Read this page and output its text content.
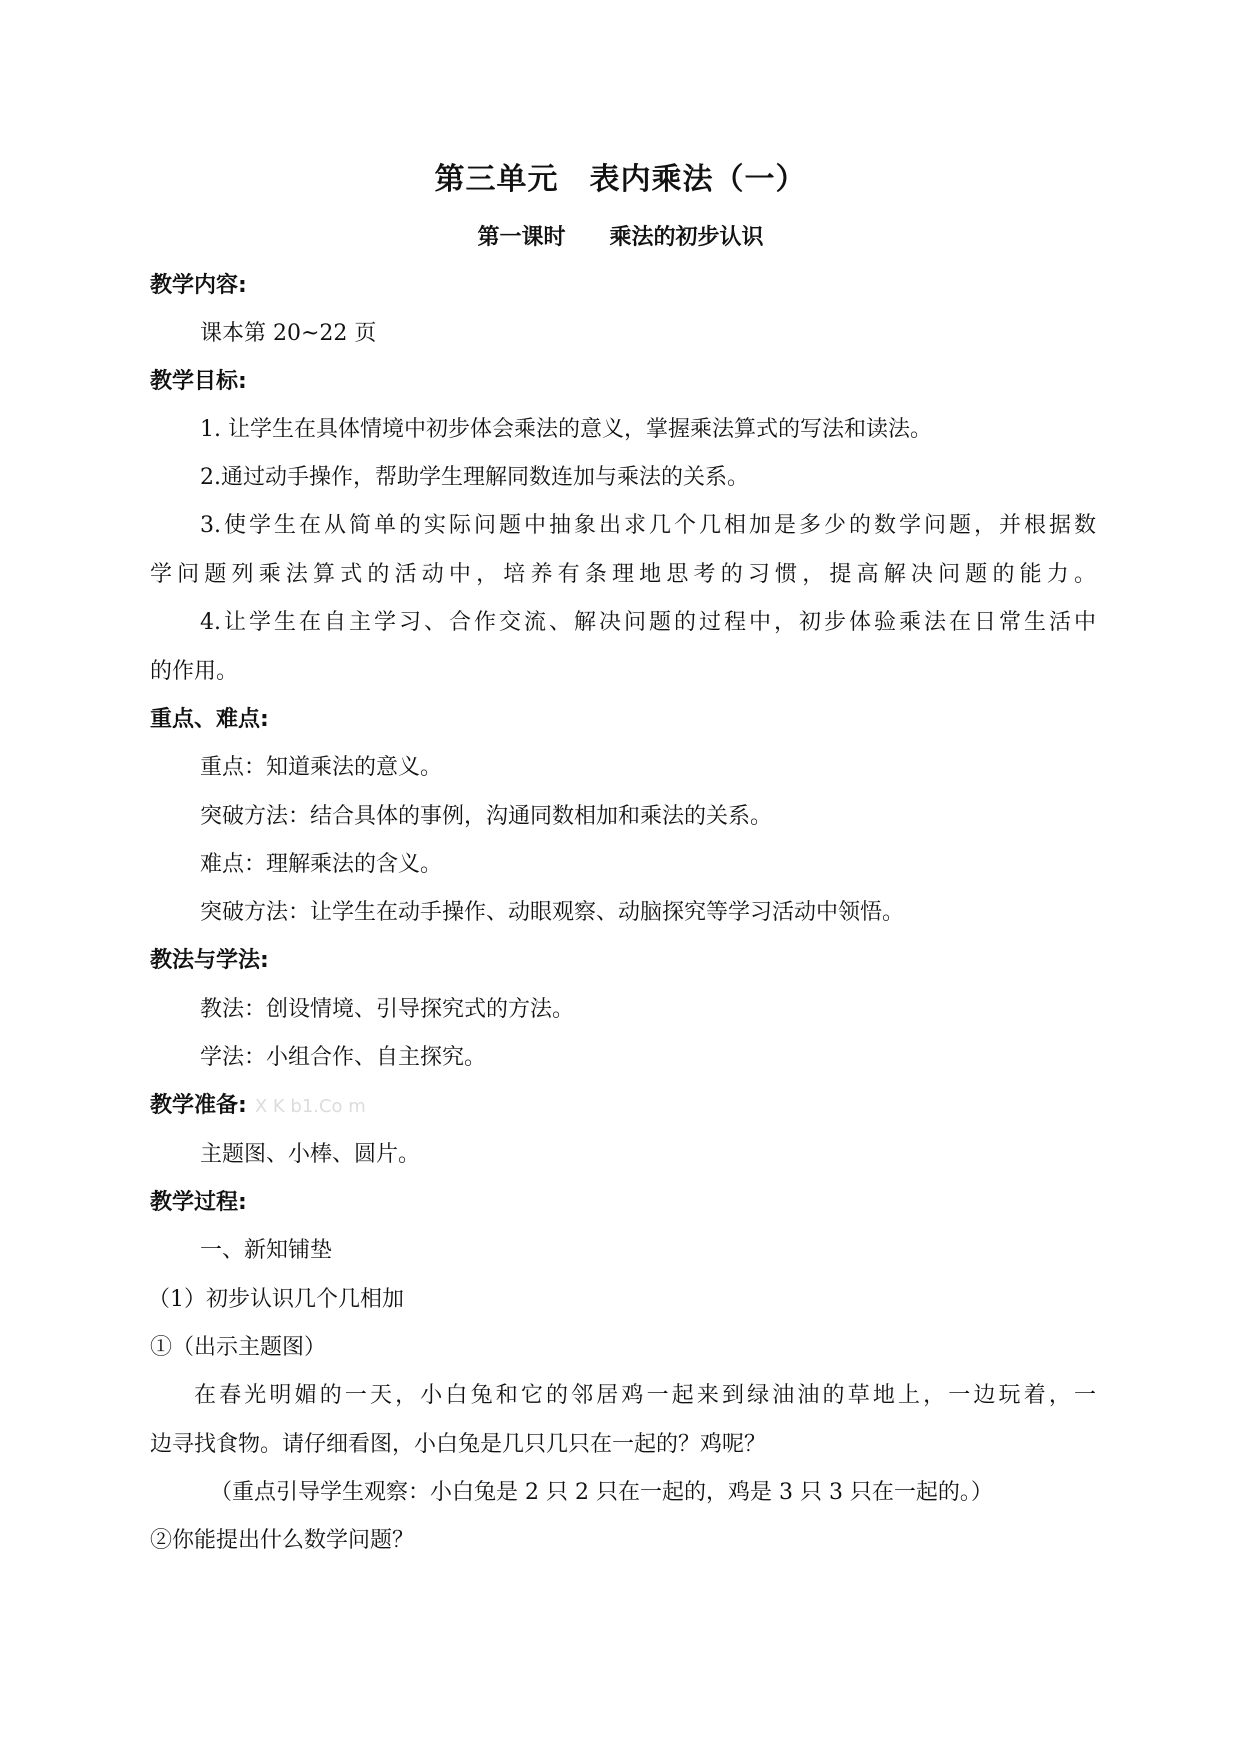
第三单元　表内乘法（一）
第一课时　　乘法的初步认识
教学内容:
课本第 20~22 页
教学目标:
1. 让学生在具体情境中初步体会乘法的意义，掌握乘法算式的写法和读法。
2.通过动手操作，帮助学生理解同数连加与乘法的关系。
3.使学生在从简单的实际问题中抽象出求几个几相加是多少的数学问题，并根据数
学问题列乘法算式的活动中，培养有条理地思考的习惯，提高解决问题的能力。
4.让学生在自主学习、合作交流、解决问题的过程中，初步体验乘法在日常生活中
的作用。
重点、难点:
重点：知道乘法的意义。
突破方法：结合具体的事例，沟通同数相加和乘法的关系。
难点：理解乘法的含义。
突破方法：让学生在动手操作、动眼观察、动脑探究等学习活动中领悟。
教法与学法:
教法：创设情境、引导探究式的方法。
学法：小组合作、自主探究。
教学准备: X K b1.Co m
主题图、小棒、圆片。
教学过程:
一、新知铺垫
（1）初步认识几个几相加
①（出示主题图）
在春光明媚的一天，小白兔和它的邻居鸡一起来到绿油油的草地上，一边玩着，一
边寻找食物。请仔细看图，小白兔是几只几只在一起的？鸡呢？
（重点引导学生观察：小白兔是 2 只 2 只在一起的，鸡是 3 只 3 只在一起的。）
②你能提出什么数学问题？
